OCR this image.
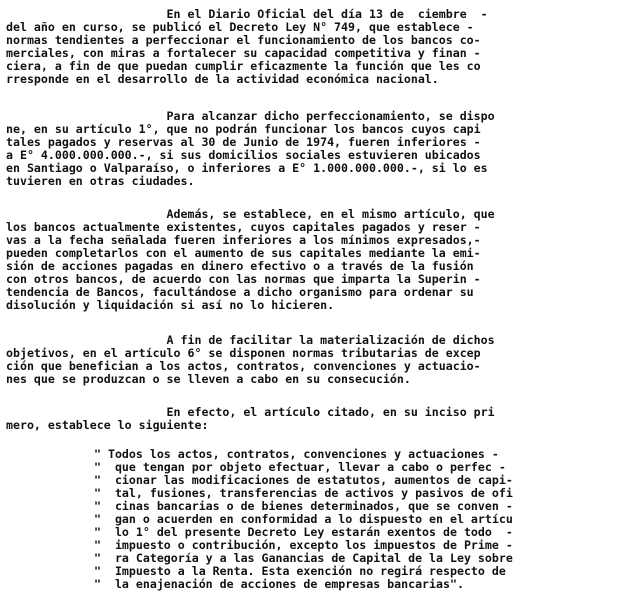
En el Diario Oficial del día 13 de  ciembre  -
del año en curso, se publicó el Decreto Ley N° 749, que establece -
normas tendientes a perfeccionar el funcionamiento de los bancos co-
merciales, con miras a fortalecer su capacidad competitiva y finan -
ciera, a fin de que puedan cumplir eficazmente la función que les co
rresponde en el desarrollo de la actividad económica nacional.
Para alcanzar dicho perfeccionamiento, se dispo
ne, en su artículo 1°, que no podrán funcionar los bancos cuyos capi
tales pagados y reservas al 30 de Junio de 1974, fueren inferiores -
a E° 4.000.000.000.-, si sus domicilios sociales estuvieren ubicados
en Santiago o Valparaíso, o inferiores a E° 1.000.000.000.-, si lo es
tuvieren en otras ciudades.
Además, se establece, en el mismo artículo, que
los bancos actualmente existentes, cuyos capitales pagados y reser -
vas a la fecha señalada fueren inferiores a los mínimos expresados,-
pueden completarlos con el aumento de sus capitales mediante la emi-
sión de acciones pagadas en dinero efectivo o a través de la fusión
con otros bancos, de acuerdo con las normas que imparta la Superin -
tendencia de Bancos, facultándose a dicho organismo para ordenar su
disolución y liquidación si así no lo hicieren.
A fin de facilitar la materialización de dichos
objetivos, en el artículo 6° se disponen normas tributarias de excep
ción que benefician a los actos, contratos, convenciones y actuacio-
nes que se produzcan o se lleven a cabo en su consecución.
En efecto, el artículo citado, en su inciso pri
mero, establece lo siguiente:
" Todos los actos, contratos, convenciones y actuaciones -
"  que tengan por objeto efectuar, llevar a cabo o perfec -
"  cionar las modificaciones de estatutos, aumentos de capi-
"  tal, fusiones, transferencias de activos y pasivos de ofi
"  cinas bancarias o de bienes determinados, que se conven -
"  gan o acuerden en conformidad a lo dispuesto en el artícu
"  lo 1° del presente Decreto Ley estarán exentos de todo  -
"  impuesto o contribución, excepto los impuestos de Prime -
"  ra Categoría y a las Ganancias de Capital de la Ley sobre
"  Impuesto a la Renta. Esta exención no regirá respecto de
"  la enajenación de acciones de empresas bancarias".
